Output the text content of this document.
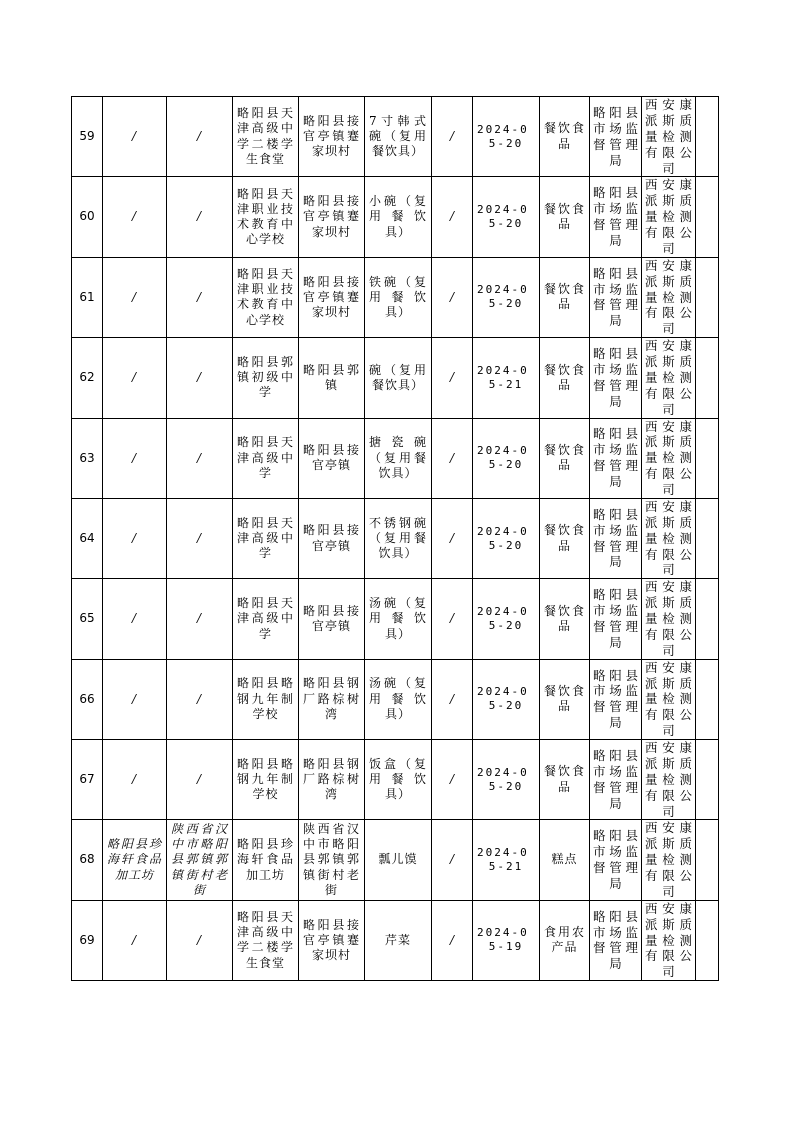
59	/	/	略阳县天津高级中学二楼学生食堂	略阳县接官亭镇蹇家坝村	7寸韩式碗（复用餐饮具）	/	2024-05-20	餐饮食品	略阳县市场监督管理局	西安康派斯质量检测有限公司	

60	/	/	略阳县天津职业技术教育中心学校	略阳县接官亭镇蹇家坝村	小碗（复用餐饮具）	/	2024-05-20	餐饮食品	略阳县市场监督管理局	西安康派斯质量检测有限公司	

61	/	/	略阳县天津职业技术教育中心学校	略阳县接官亭镇蹇家坝村	铁碗（复用餐饮具）	/	2024-05-20	餐饮食品	略阳县市场监督管理局	西安康派斯质量检测有限公司	

62	/	/	略阳县郭镇初级中学	略阳县郭镇	碗（复用餐饮具）	/	2024-05-21	餐饮食品	略阳县市场监督管理局	西安康派斯质量检测有限公司	

63	/	/	略阳县天津高级中学	略阳县接官亭镇	搪瓷碗（复用餐饮具）	/	2024-05-20	餐饮食品	略阳县市场监督管理局	西安康派斯质量检测有限公司	

64	/	/	略阳县天津高级中学	略阳县接官亭镇	不锈钢碗（复用餐饮具）	/	2024-05-20	餐饮食品	略阳县市场监督管理局	西安康派斯质量检测有限公司	

65	/	/	略阳县天津高级中学	略阳县接官亭镇	汤碗（复用餐饮具）	/	2024-05-20	餐饮食品	略阳县市场监督管理局	西安康派斯质量检测有限公司	

66	/	/	略阳县略钢九年制学校	略阳县钢厂路棕树湾	汤碗（复用餐饮具）	/	2024-05-20	餐饮食品	略阳县市场监督管理局	西安康派斯质量检测有限公司	

67	/	/	略阳县略钢九年制学校	略阳县钢厂路棕树湾	饭盒（复用餐饮具）	/	2024-05-20	餐饮食品	略阳县市场监督管理局	西安康派斯质量检测有限公司	

68	略阳县珍海轩食品加工坊	陕西省汉中市略阳县郭镇郭镇街村老街	略阳县珍海轩食品加工坊	陕西省汉中市略阳县郭镇郭镇街村老街	瓢儿馍	/	2024-05-21	糕点	略阳县市场监督管理局	西安康派斯质量检测有限公司	

69	/	/	略阳县天津高级中学二楼学生食堂	略阳县接官亭镇蹇家坝村	芹菜	/	2024-05-19	食用农产品	略阳县市场监督管理局	西安康派斯质量检测有限公司	
